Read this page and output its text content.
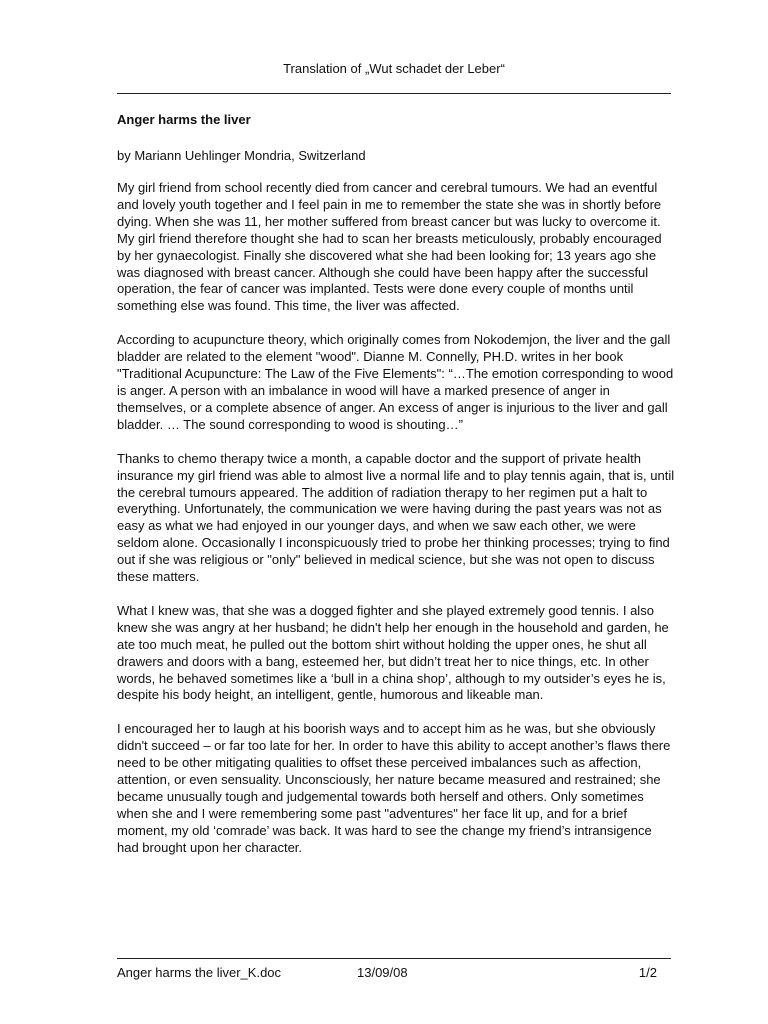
Translation of „Wut schadet der Leber“
Anger harms the liver
by Mariann Uehlinger Mondria, Switzerland

My girl friend from school recently died from cancer and cerebral tumours. We had an eventful and lovely youth together and I feel pain in me to remember the state she was in shortly before dying. When she was 11, her mother suffered from breast cancer but was lucky to overcome it. My girl friend therefore thought she had to scan her breasts meticulously, probably encouraged by her gynaecologist. Finally she discovered what she had been looking for; 13 years ago she was diagnosed with breast cancer. Although she could have been happy after the successful operation, the fear of cancer was implanted. Tests were done every couple of months until something else was found. This time, the liver was affected.

According to acupuncture theory, which originally comes from Nokodemjon, the liver and the gall bladder are related to the element "wood". Dianne M. Connelly, PH.D. writes in her book "Traditional Acupuncture: The Law of the Five Elements": “…The emotion corresponding to wood is anger. A person with an imbalance in wood will have a marked presence of anger in themselves, or a complete absence of anger. An excess of anger is injurious to the liver and gall bladder. … The sound corresponding to wood is shouting…”

Thanks to chemo therapy twice a month, a capable doctor and the support of private health insurance my girl friend was able to almost live a normal life and to play tennis again, that is, until the cerebral tumours appeared. The addition of radiation therapy to her regimen put a halt to everything. Unfortunately, the communication we were having during the past years was not as easy as what we had enjoyed in our younger days, and when we saw each other, we were seldom alone. Occasionally I inconspicuously tried to probe her thinking processes; trying to find out if she was religious or "only" believed in medical science, but she was not open to discuss these matters.

What I knew was, that she was a dogged fighter and she played extremely good tennis. I also knew she was angry at her husband; he didn't help her enough in the household and garden, he ate too much meat, he pulled out the bottom shirt without holding the upper ones, he shut all drawers and doors with a bang, esteemed her, but didn’t treat her to nice things, etc. In other words, he behaved sometimes like a ‘bull in a china shop’, although to my outsider’s eyes he is, despite his body height, an intelligent, gentle, humorous and likeable man.

I encouraged her to laugh at his boorish ways and to accept him as he was, but she obviously didn't succeed – or far too late for her. In order to have this ability to accept another’s flaws there need to be other mitigating qualities to offset these perceived imbalances such as affection, attention, or even sensuality. Unconsciously, her nature became measured and restrained; she became unusually tough and judgemental towards both herself and others. Only sometimes when she and I were remembering some past "adventures" her face lit up, and for a brief moment, my old ‘comrade’ was back. It was hard to see the change my friend’s intransigence had brought upon her character.

Anger harms the liver_K.doc	13/09/08	1/2
